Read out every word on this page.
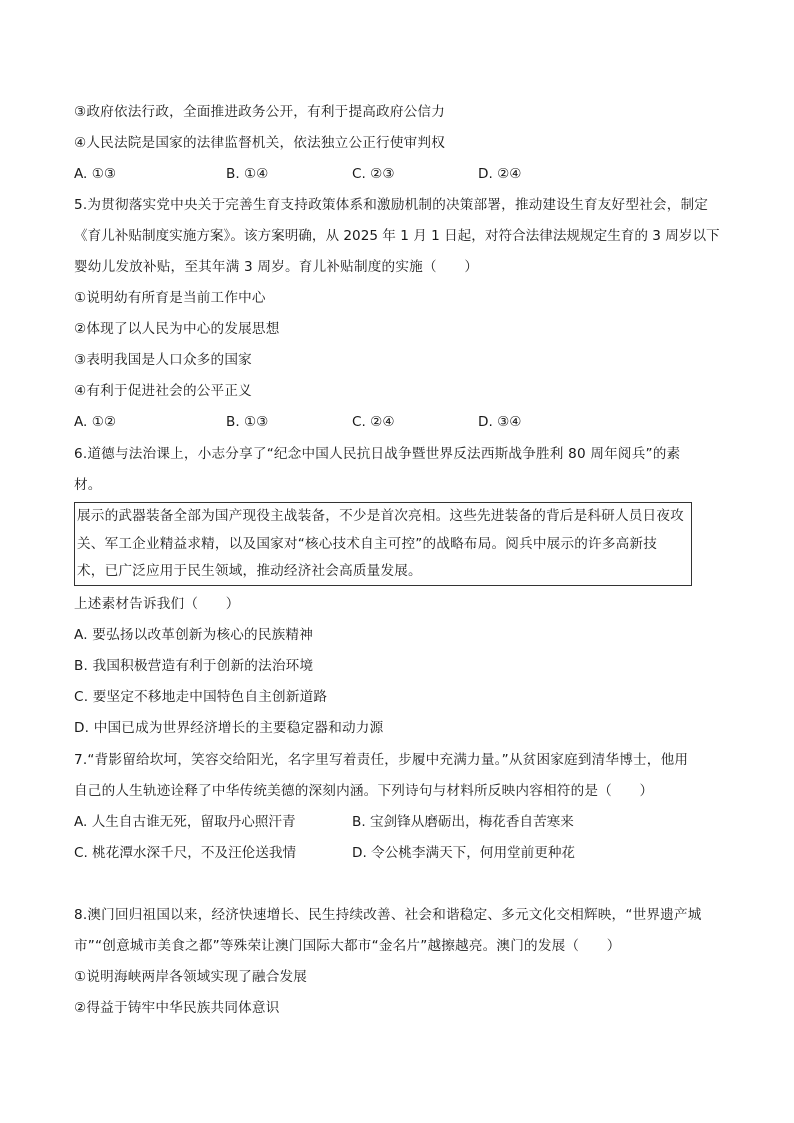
③政府依法行政，全面推进政务公开，有利于提高政府公信力
④人民法院是国家的法律监督机关，依法独立公正行使审判权
A. ①③	B. ①④	C. ②③	D. ②④
5.为贯彻落实党中央关于完善生育支持政策体系和激励机制的决策部署，推动建设生育友好型社会，制定
《育儿补贴制度实施方案》。该方案明确，从 2025 年 1 月 1 日起，对符合法律法规规定生育的 3 周岁以下
婴幼儿发放补贴，至其年满 3 周岁。育儿补贴制度的实施（　　）
①说明幼有所育是当前工作中心
②体现了以人民为中心的发展思想
③表明我国是人口众多的国家
④有利于促进社会的公平正义
A. ①②	B. ①③	C. ②④	D. ③④
6.道德与法治课上，小志分享了“纪念中国人民抗日战争暨世界反法西斯战争胜利 80 周年阅兵”的素
材。
展示的武器装备全部为国产现役主战装备，不少是首次亮相。这些先进装备的背后是科研人员日夜攻
关、军工企业精益求精，以及国家对“核心技术自主可控”的战略布局。阅兵中展示的许多高新技
术，已广泛应用于民生领域，推动经济社会高质量发展。
上述素材告诉我们（　　）
A. 要弘扬以改革创新为核心的民族精神
B. 我国积极营造有利于创新的法治环境
C. 要坚定不移地走中国特色自主创新道路
D. 中国已成为世界经济增长的主要稳定器和动力源
7.“背影留给坎坷，笑容交给阳光，名字里写着责任，步履中充满力量。”从贫困家庭到清华博士，他用
自己的人生轨迹诠释了中华传统美德的深刻内涵。下列诗句与材料所反映内容相符的是（　　）
A. 人生自古谁无死，留取丹心照汗青	B. 宝剑锋从磨砺出，梅花香自苦寒来
C. 桃花潭水深千尺，不及汪伦送我情	D. 令公桃李满天下，何用堂前更种花
8.澳门回归祖国以来，经济快速增长、民生持续改善、社会和谐稳定、多元文化交相辉映，“世界遗产城
市”“创意城市美食之都”等殊荣让澳门国际大都市“金名片”越擦越亮。澳门的发展（　　）
①说明海峡两岸各领域实现了融合发展
②得益于铸牢中华民族共同体意识
